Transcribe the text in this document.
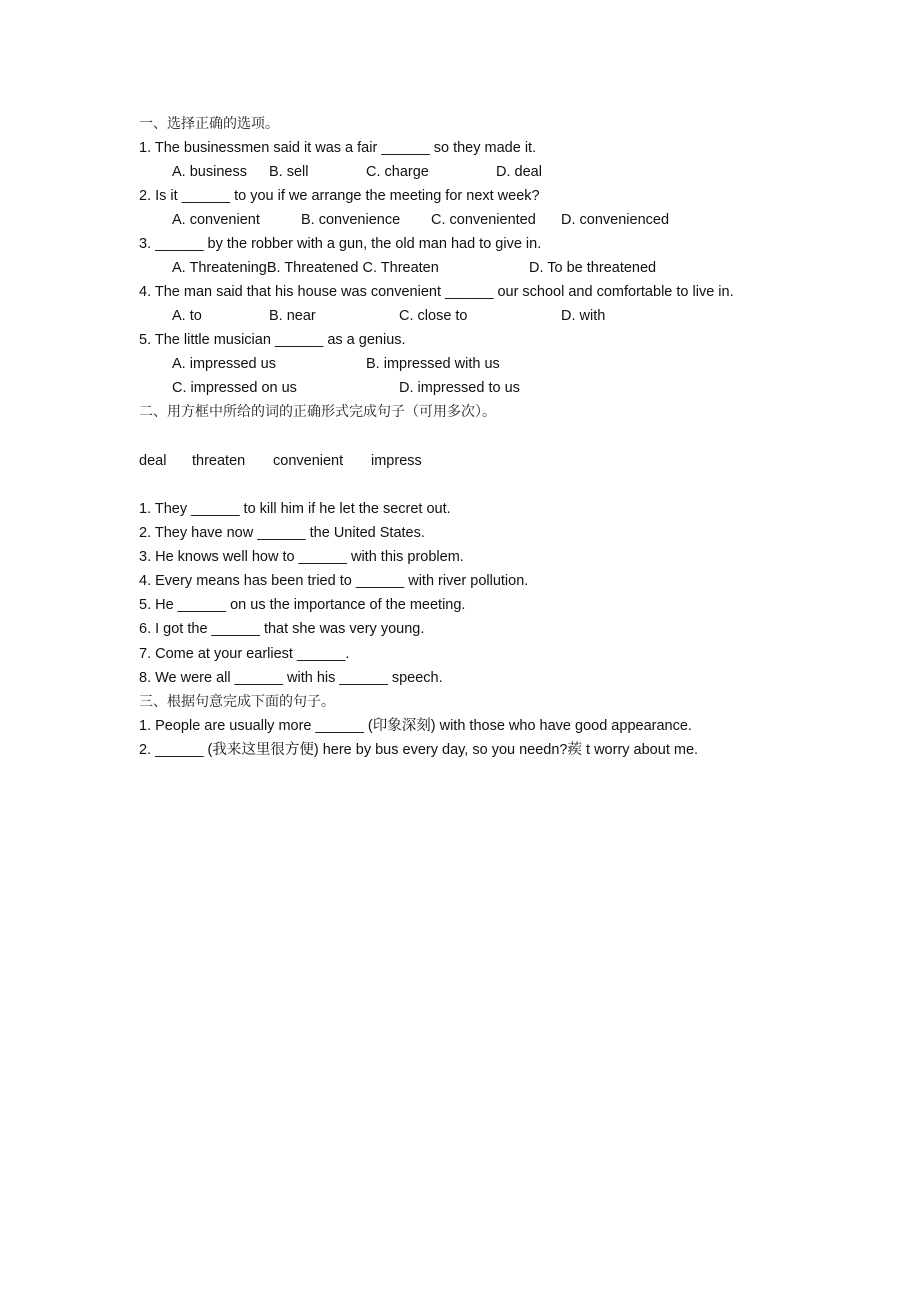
一、选择正确的选项。
1. The businessmen said it was a fair ______ so they made it.
A. business B. sell	C. charge	D. deal
2. Is it ______ to you if we arrange the meeting for next week?
A. convenient	B. convenience C. conveniented D. convenienced
3. ______ by the robber with a gun, the old man had to give in.
A. ThreateningB. Threatened C. Threaten	D. To be threatened
4. The man said that his house was convenient ______ our school and comfortable to live in.
A. to	B. near	C. close to	D. with
5. The little musician ______ as a genius.
A. impressed us	B. impressed with us
C. impressed on us	D. impressed to us
二、用方框中所给的词的正确形式完成句子（可用多次）。
deal threaten convenient impress
1. They ______ to kill him if he let the secret out.
2. They have now ______ the United States.
3. He knows well how to ______ with this problem.
4. Every means has been tried to ______ with river pollution.
5. He ______ on us the importance of the meeting.
6. I got the ______ that she was very young.
7. Come at your earliest ______.
8. We were all ______ with his ______ speech.
三、根据句意完成下面的句子。
1. People are usually more ______ (印象深刻) with those who have good appearance.
2. ______ (我来这里很方便) here by bus every day, so you needn?蒺 t worry about me.
